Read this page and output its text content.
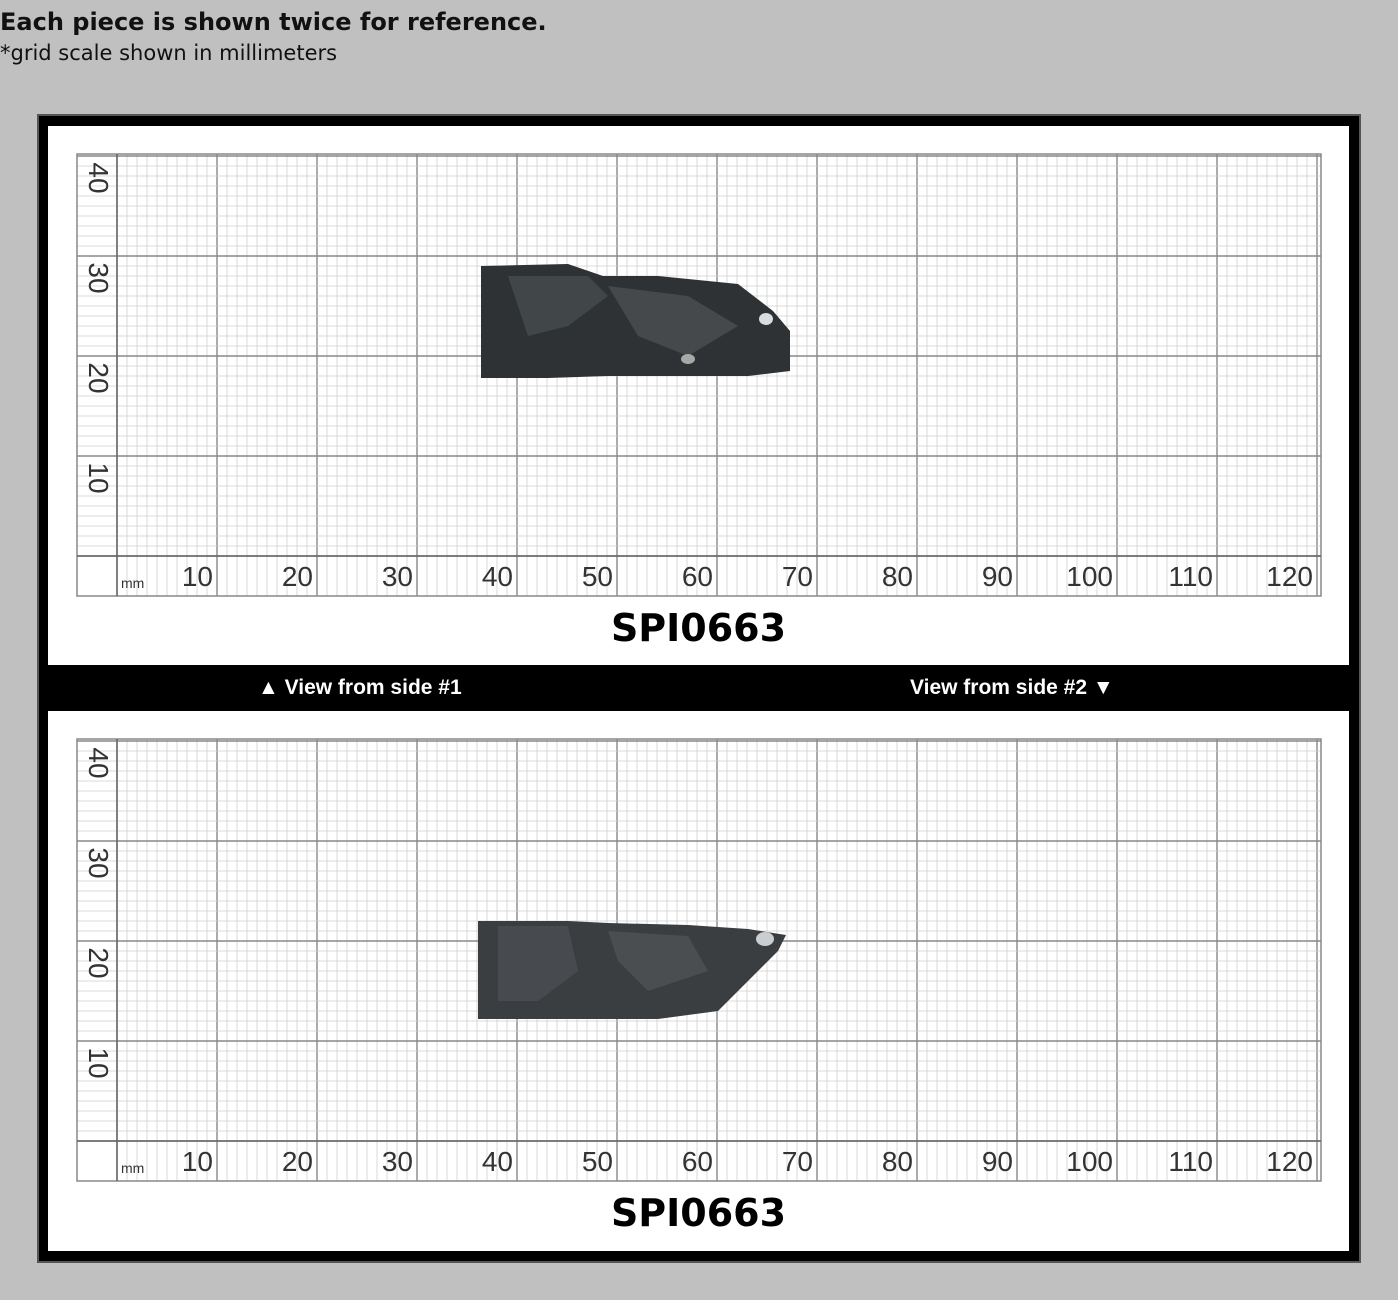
Each piece is shown twice for reference.
*grid scale shown in millimeters
10 20 30 40 50 60 70 80 90 100 110 120
40
30
20
10
mm
SPI0663
▲ View from side #1	View from side #2 ▼
10 20 30 40 50 60 70 80 90 100 110 120
40
30
20
10
mm
SPI0663
